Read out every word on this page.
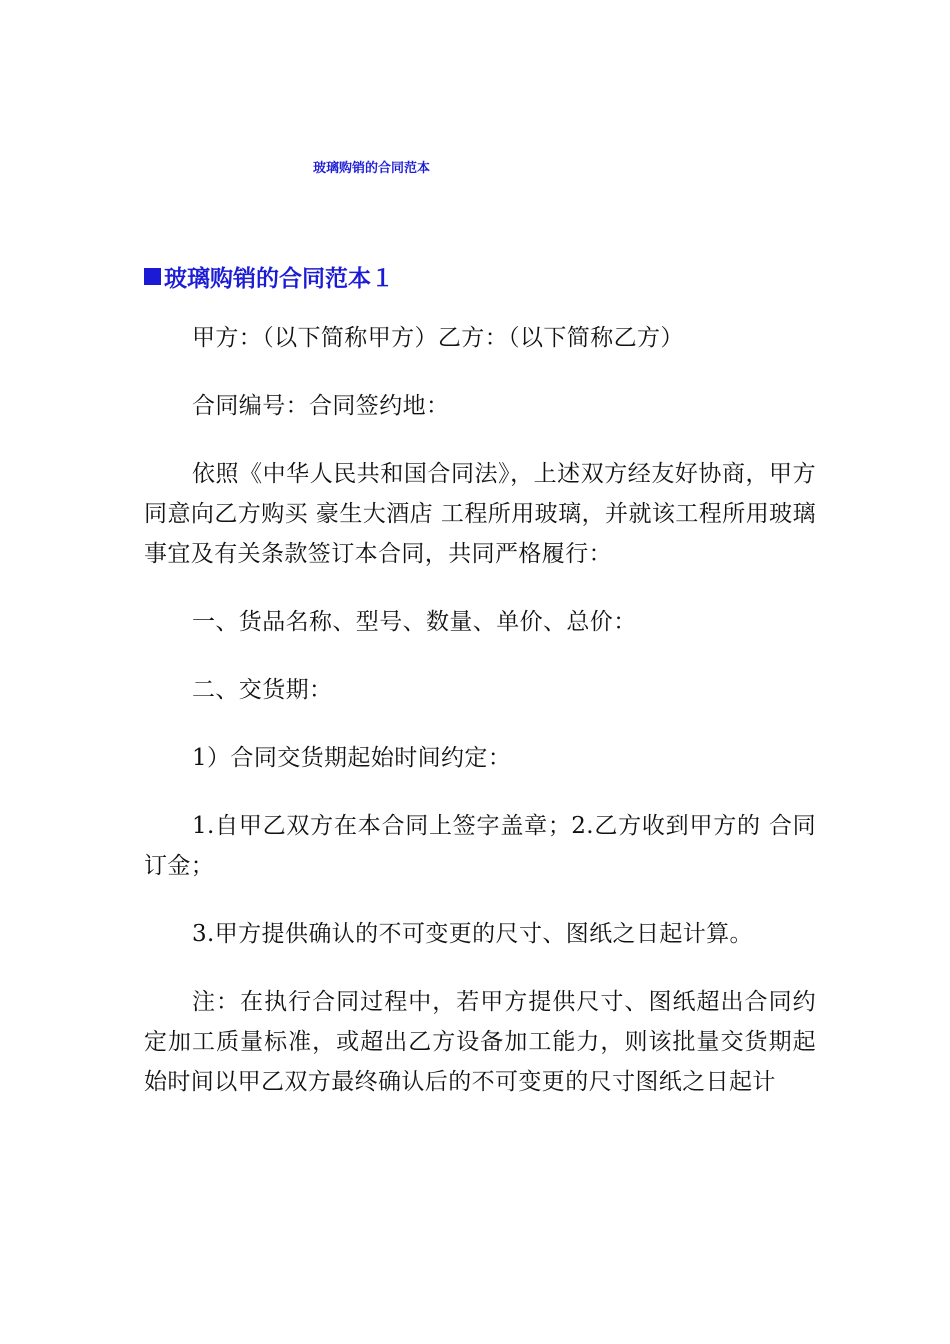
玻璃购销的合同范本
玻璃购销的合同范本１

甲方：（以下简称甲方）乙方：（以下简称乙方）

合同编号：合同签约地：

依照《中华人民共和国合同法》，上述双方经友好协商，甲方同意向乙方购买 豪生大酒店 工程所用玻璃，并就该工程所用玻璃事宜及有关条款签订本合同，共同严格履行：

一、货品名称、型号、数量、单价、总价：

二、交货期：

1）合同交货期起始时间约定：

1.自甲乙双方在本合同上签字盖章；2.乙方收到甲方的 合同订金；

3.甲方提供确认的不可变更的尺寸、图纸之日起计算。

注：在执行合同过程中，若甲方提供尺寸、图纸超出合同约定加工质量标准，或超出乙方设备加工能力，则该批量交货期起始时间以甲乙双方最终确认后的不可变更的尺寸图纸之日起计
